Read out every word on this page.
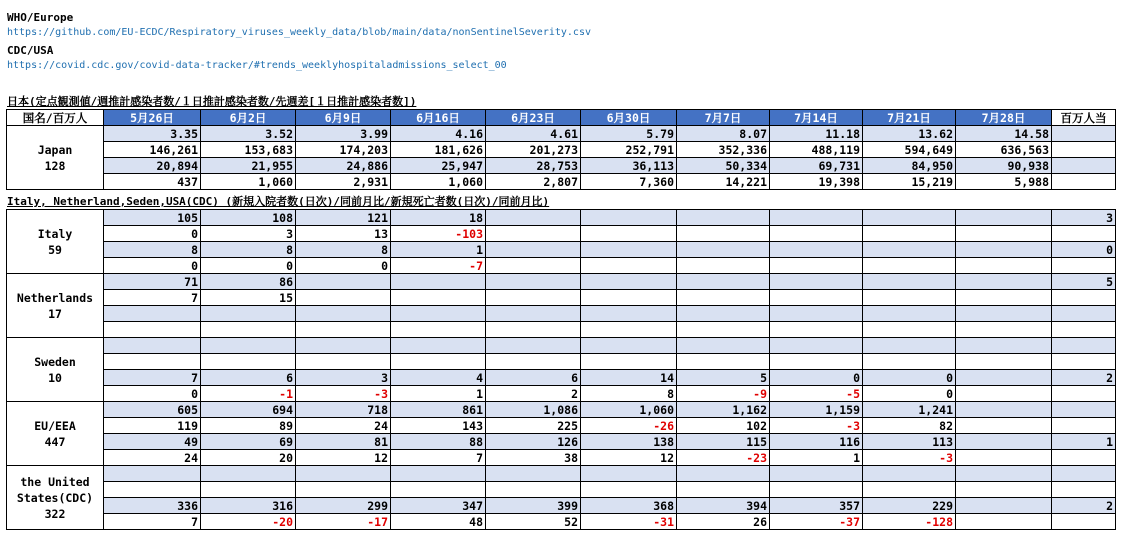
WHO/Europe
https://github.com/EU-ECDC/Respiratory_viruses_weekly_data/blob/main/data/nonSentinelSeverity.csv
CDC/USA
https://covid.cdc.gov/covid-data-tracker/#trends_weeklyhospitaladmissions_select_00
日本(定点観測値/週推計感染者数/１日推計感染者数/先週差[１日推計感染者数])
国名/百万人	5月26日	6月2日	6月9日	6月16日	6月23日	6月30日	7月7日	7月14日	7月21日	7月28日	百万人当

Japan
128	3.35	3.52	3.99	4.16	4.61	5.79	8.07	11.18	13.62	14.58	
	146,261	153,683	174,203	181,626	201,273	252,791	352,336	488,119	594,649	636,563	
	20,894	21,955	24,886	25,947	28,753	36,113	50,334	69,731	84,950	90,938	
	437	1,060	2,931	1,060	2,807	7,360	14,221	19,398	15,219	5,988	
Italy, Netherland,Seden,USA(CDC) (新規入院者数(日次)/同前月比/新規死亡者数(日次)/同前月比)
Italy
59	105	108	121	18							3
	0	3	13	-103							
	8	8	8	1							0
	0	0	0	-7							

Netherlands
17	71	86									5
	7	15									

Sweden
10											

	7	6	3	4	6	14	5	0	0		2
	0	-1	-3	1	2	8	-9	-5	0		

EU/EEA
447	605	694	718	861	1,086	1,060	1,162	1,159	1,241		
	119	89	24	143	225	-26	102	-3	82		
	49	69	81	88	126	138	115	116	113		1
	24	20	12	7	38	12	-23	1	-3		

the United States(CDC)
322											

	336	316	299	347	399	368	394	357	229		2
	7	-20	-17	48	52	-31	26	-37	-128		
